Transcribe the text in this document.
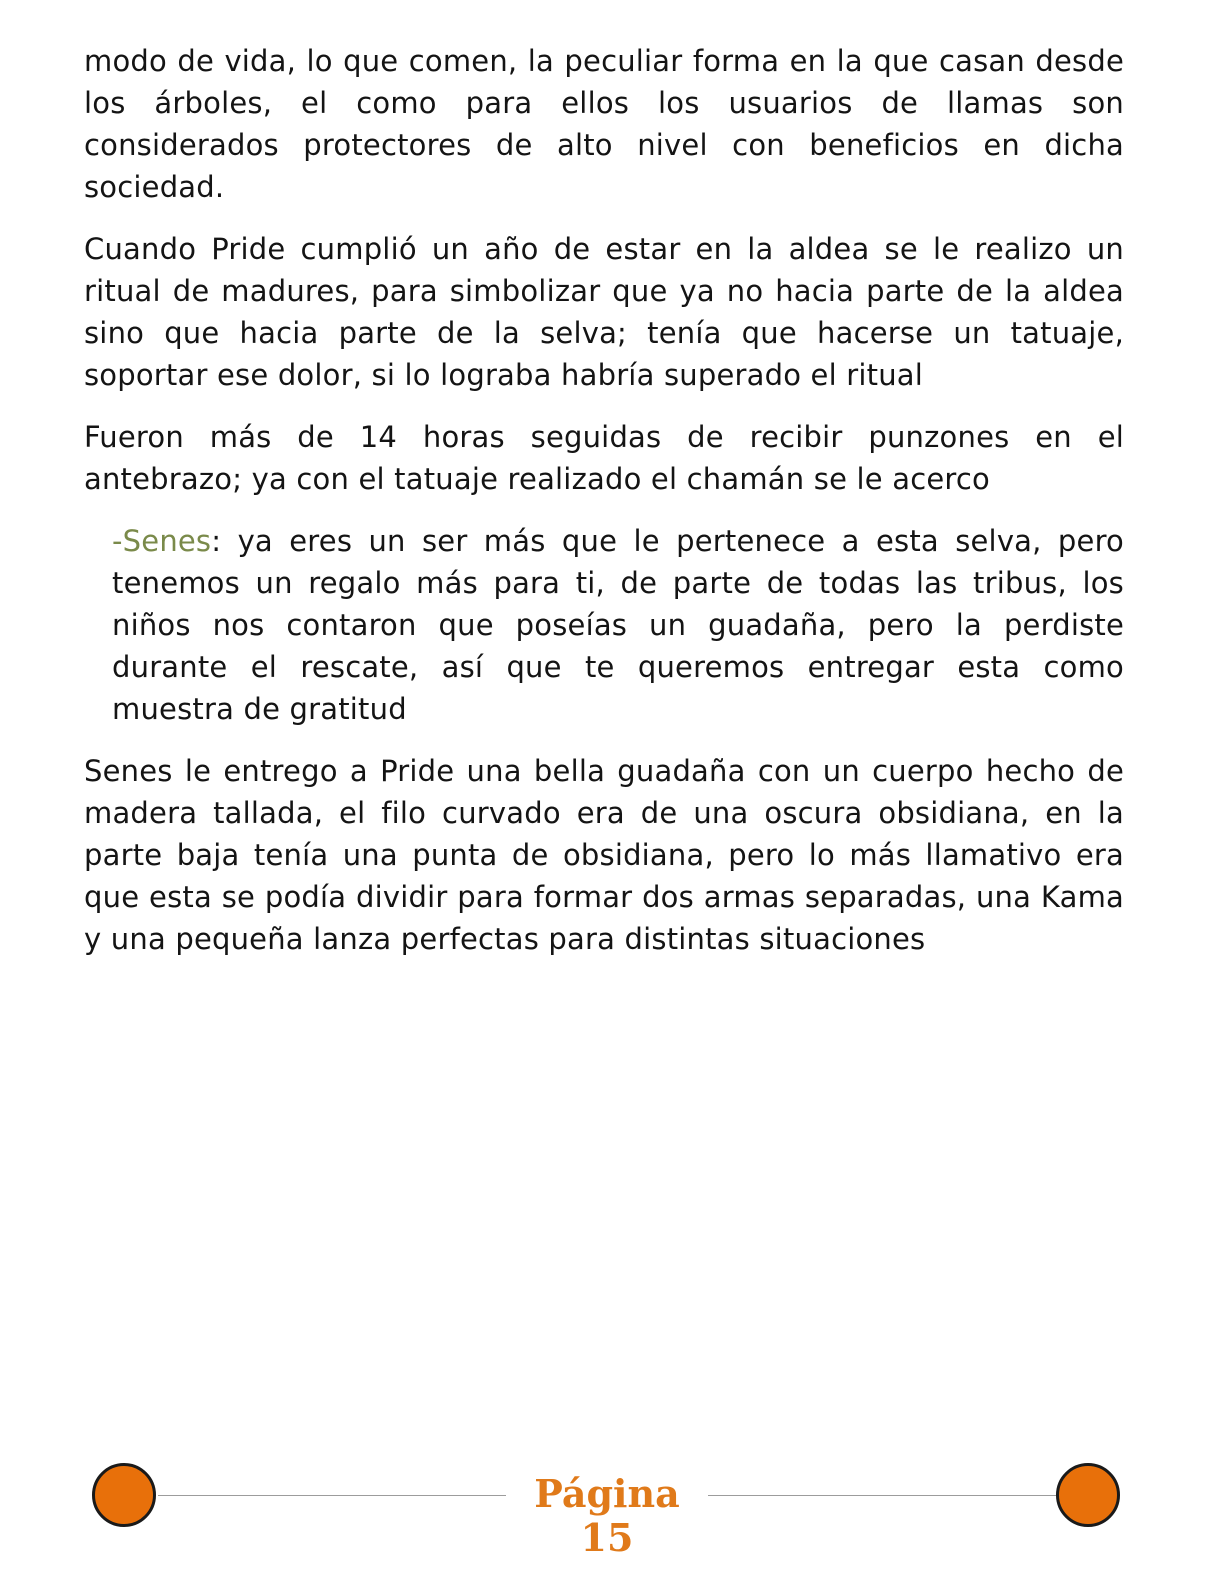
modo de vida, lo que comen, la peculiar forma en la que casan desde los árboles, el como para ellos los usuarios de llamas son considerados protectores de alto nivel con beneficios en dicha sociedad.

Cuando Pride cumplió un año de estar en la aldea se le realizo un ritual de madures, para simbolizar que ya no hacia parte de la aldea sino que hacia parte de la selva; tenía que hacerse un tatuaje, soportar ese dolor, si lo lograba habría superado el ritual

Fueron más de 14 horas seguidas de recibir punzones en el antebrazo; ya con el tatuaje realizado el chamán se le acerco

-Senes: ya eres un ser más que le pertenece a esta selva, pero tenemos un regalo más para ti, de parte de todas las tribus, los niños nos contaron que poseías un guadaña, pero la perdiste durante el rescate, así que te queremos entregar esta como muestra de gratitud

Senes le entrego a Pride una bella guadaña con un cuerpo hecho de madera tallada, el filo curvado era de una oscura obsidiana, en la parte baja tenía una punta de obsidiana, pero lo más llamativo era que esta se podía dividir para formar dos armas separadas, una Kama y una pequeña lanza perfectas para distintas situaciones

Página
15
